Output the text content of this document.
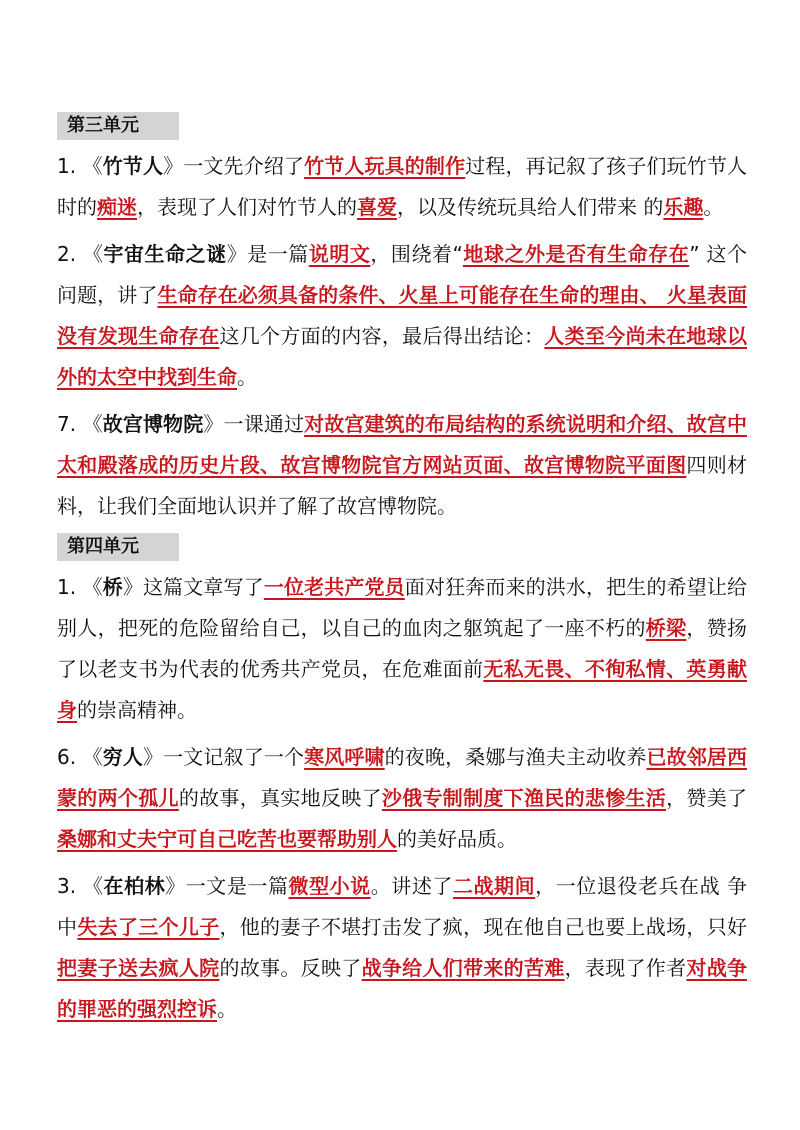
第三单元

1. 《竹节人》一文先介绍了竹节人玩具的制作过程，再记叙了孩子们玩竹节人时的痴迷，表现了人们对竹节人的喜爱，以及传统玩具给人们带来 的乐趣。

2. 《宇宙生命之谜》是一篇说明文，围绕着“地球之外是否有生命存在” 这个问题，讲了生命存在必须具备的条件、火星上可能存在生命的理由、 火星表面没有发现生命存在这几个方面的内容，最后得出结论：人类至今尚未在地球以外的太空中找到生命。

7. 《故宫博物院》一课通过对故宫建筑的布局结构的系统说明和介绍、故宫中太和殿落成的历史片段、故宫博物院官方网站页面、故宫博物院平面图四则材料，让我们全面地认识并了解了故宫博物院。

第四单元

1. 《桥》这篇文章写了一位老共产党员面对狂奔而来的洪水，把生的希望让给别人，把死的危险留给自己，以自己的血肉之躯筑起了一座不朽的桥梁，赞扬了以老支书为代表的优秀共产党员，在危难面前无私无畏、不徇私情、英勇献身的崇高精神。

6. 《穷人》一文记叙了一个寒风呼啸的夜晚，桑娜与渔夫主动收养已故邻居西蒙的两个孤儿的故事，真实地反映了沙俄专制制度下渔民的悲惨生活，赞美了桑娜和丈夫宁可自己吃苦也要帮助别人的美好品质。

3. 《在柏林》一文是一篇微型小说。讲述了二战期间，一位退役老兵在战 争中失去了三个儿子，他的妻子不堪打击发了疯，现在他自己也要上战场，只好把妻子送去疯人院的故事。反映了战争给人们带来的苦难，表现了作者对战争的罪恶的强烈控诉。
